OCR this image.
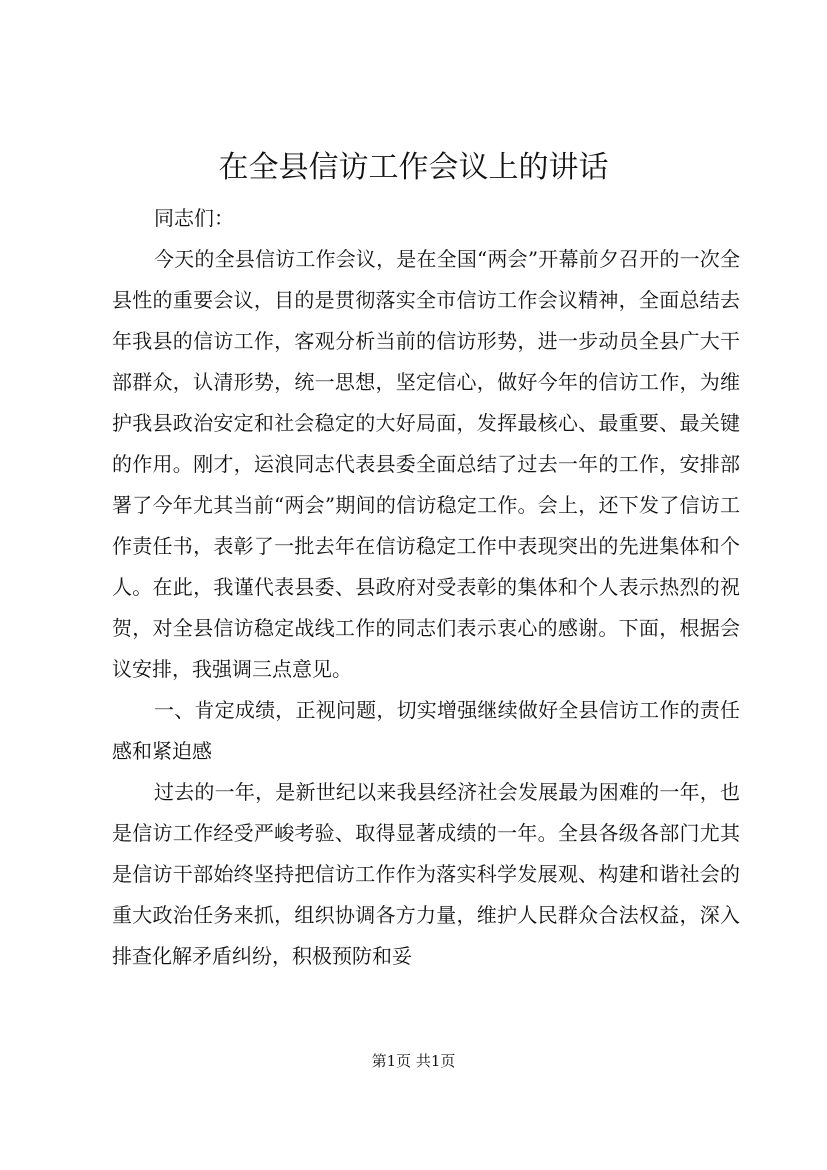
在全县信访工作会议上的讲话

同志们：

今天的全县信访工作会议，是在全国“两会”开幕前夕召开的一次全县性的重要会议，目的是贯彻落实全市信访工作会议精神，全面总结去年我县的信访工作，客观分析当前的信访形势，进一步动员全县广大干部群众，认清形势，统一思想，坚定信心，做好今年的信访工作，为维护我县政治安定和社会稳定的大好局面，发挥最核心、最重要、最关键的作用。刚才，运浪同志代表县委全面总结了过去一年的工作，安排部署了今年尤其当前“两会”期间的信访稳定工作。会上，还下发了信访工作责任书，表彰了一批去年在信访稳定工作中表现突出的先进集体和个人。在此，我谨代表县委、县政府对受表彰的集体和个人表示热烈的祝贺，对全县信访稳定战线工作的同志们表示衷心的感谢。下面，根据会议安排，我强调三点意见。

一、肯定成绩，正视问题，切实增强继续做好全县信访工作的责任感和紧迫感

过去的一年，是新世纪以来我县经济社会发展最为困难的一年，也是信访工作经受严峻考验、取得显著成绩的一年。全县各级各部门尤其是信访干部始终坚持把信访工作作为落实科学发展观、构建和谐社会的重大政治任务来抓，组织协调各方力量，维护人民群众合法权益，深入排查化解矛盾纠纷，积极预防和妥

第1页 共1页
